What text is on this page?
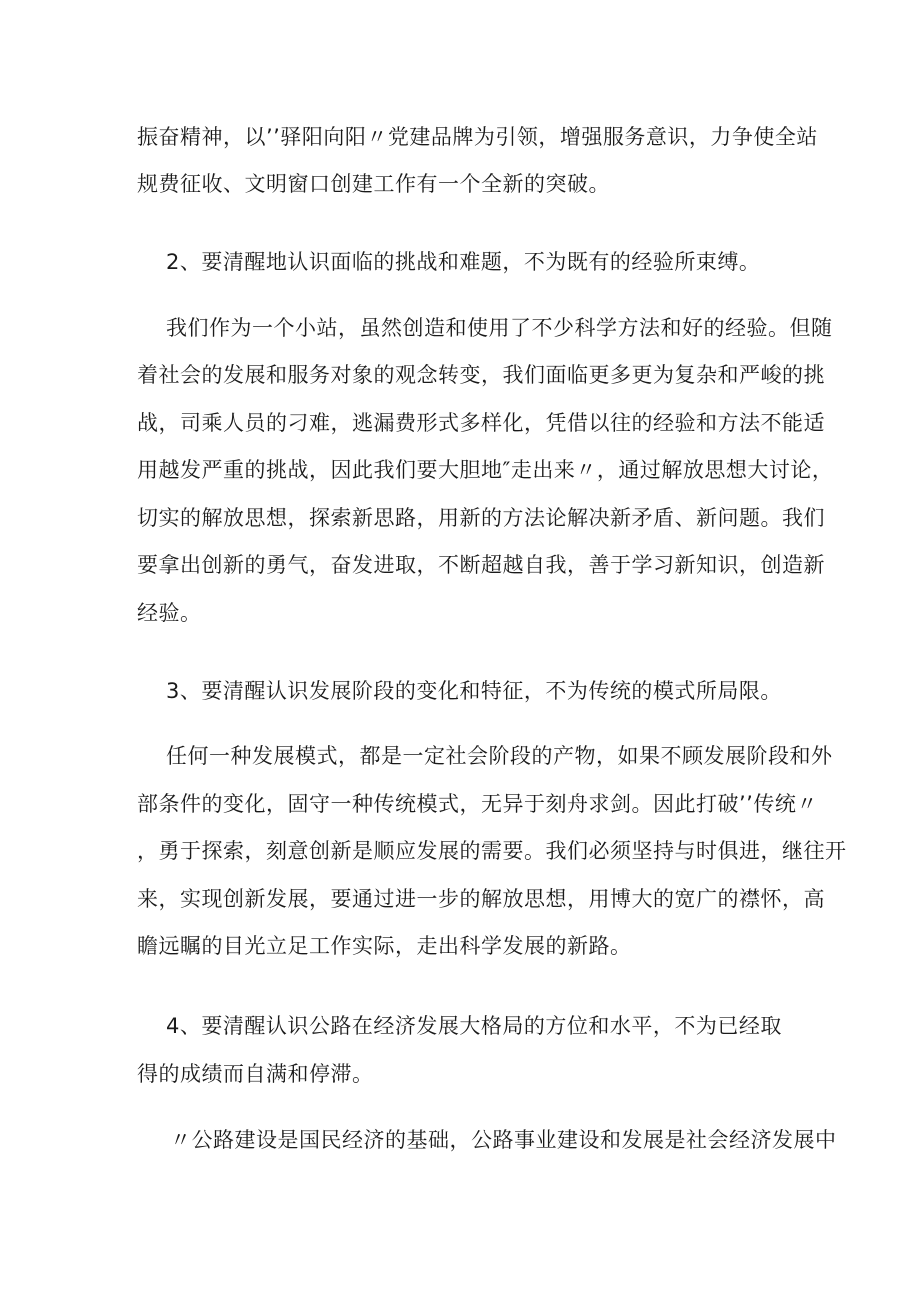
振奋精神，以’’驿阳向阳〃党建品牌为引领，增强服务意识，力争使全站
规费征收、文明窗口创建工作有一个全新的突破。
2、要清醒地认识面临的挑战和难题，不为既有的经验所束缚。
我们作为一个小站，虽然创造和使用了不少科学方法和好的经验。但随
着社会的发展和服务对象的观念转变，我们面临更多更为复杂和严峻的挑
战，司乘人员的刁难，逃漏费形式多样化，凭借以往的经验和方法不能适
用越发严重的挑战，因此我们要大胆地″走出来〃，通过解放思想大讨论，
切实的解放思想，探索新思路，用新的方法论解决新矛盾、新问题。我们
要拿出创新的勇气，奋发进取，不断超越自我，善于学习新知识，创造新
经验。
3、要清醒认识发展阶段的变化和特征，不为传统的模式所局限。
任何一种发展模式，都是一定社会阶段的产物，如果不顾发展阶段和外
部条件的变化，固守一种传统模式，无异于刻舟求剑。因此打破’’传统〃
，勇于探索，刻意创新是顺应发展的需要。我们必须坚持与时俱进，继往开
来，实现创新发展，要通过进一步的解放思想，用博大的宽广的襟怀，高
瞻远瞩的目光立足工作实际，走出科学发展的新路。
4、要清醒认识公路在经济发展大格局的方位和水平，不为已经取
得的成绩而自满和停滞。
〃公路建设是国民经济的基础，公路事业建设和发展是社会经济发展中
